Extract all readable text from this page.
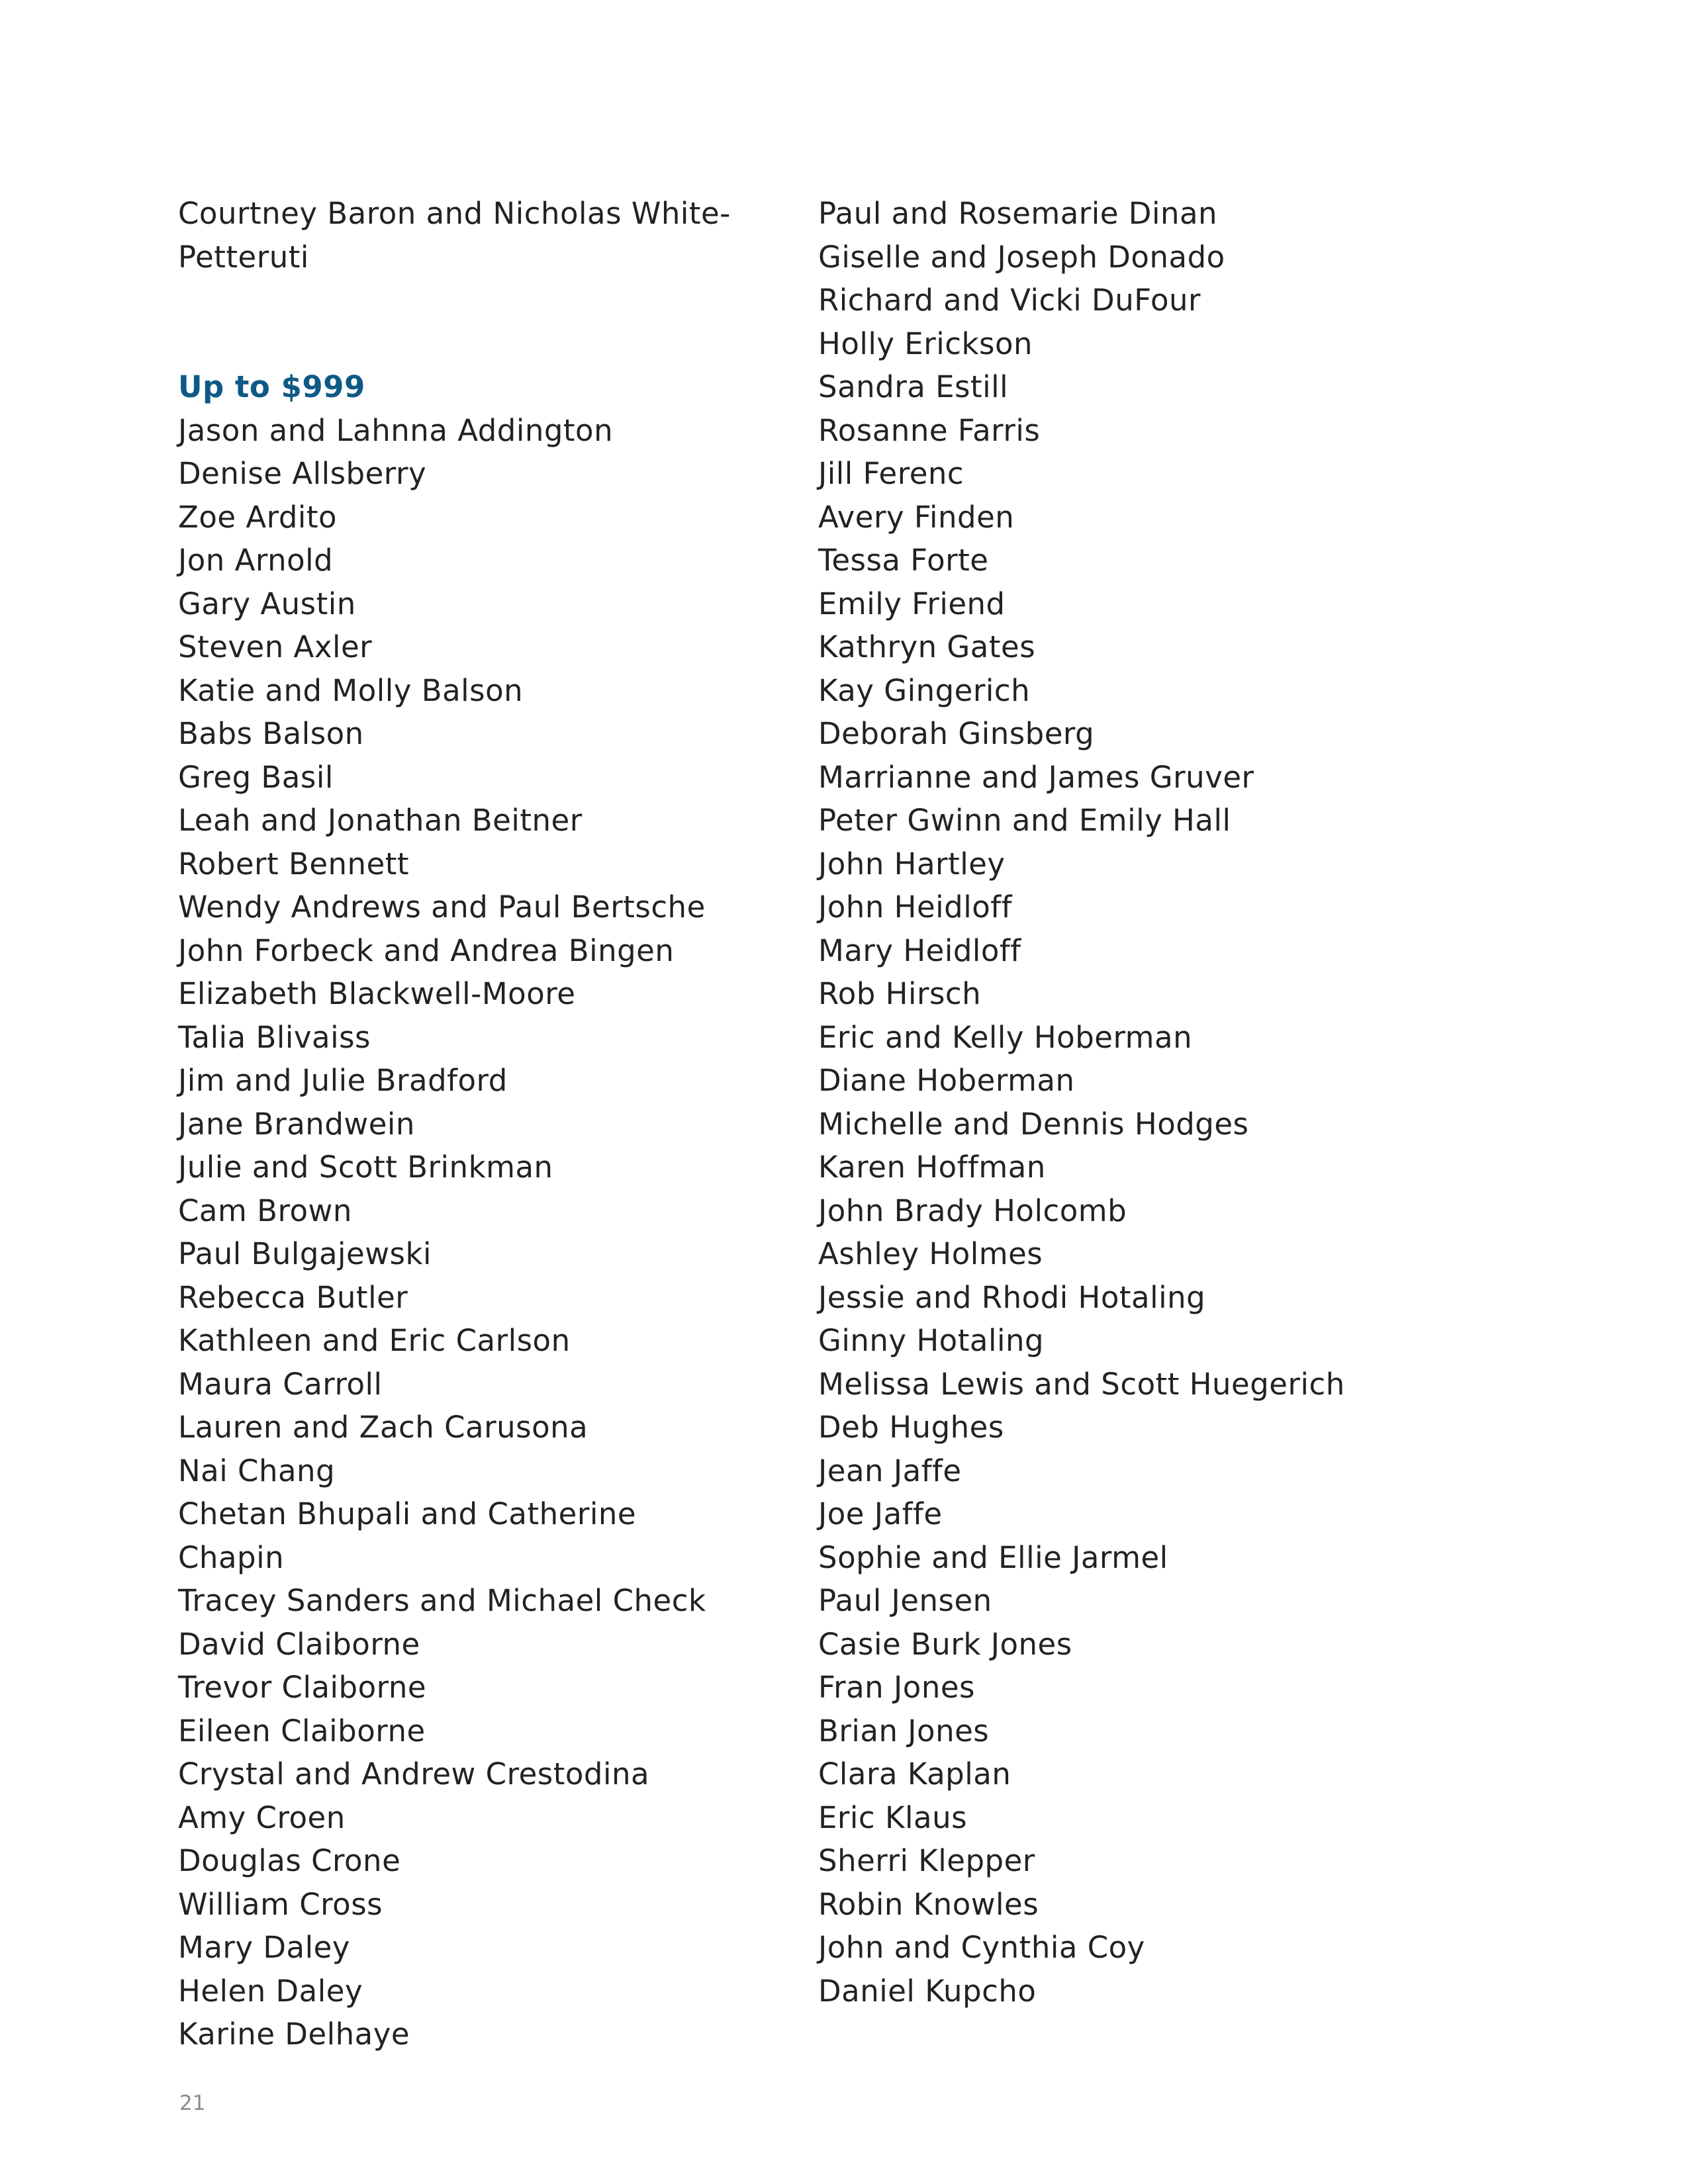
Courtney Baron and Nicholas White-
Petteruti
Up to $999
Jason and Lahnna Addington
Denise Allsberry
Zoe Ardito
Jon Arnold
Gary Austin
Steven Axler
Katie and Molly Balson
Babs Balson
Greg Basil
Leah and Jonathan Beitner
Robert Bennett
Wendy Andrews and Paul Bertsche
John Forbeck and Andrea Bingen
Elizabeth Blackwell-Moore
Talia Blivaiss
Jim and Julie Bradford
Jane Brandwein
Julie and Scott Brinkman
Cam Brown
Paul Bulgajewski
Rebecca Butler
Kathleen and Eric Carlson
Maura Carroll
Lauren and Zach Carusona
Nai Chang
Chetan Bhupali and Catherine
Chapin
Tracey Sanders and Michael Check
David Claiborne
Trevor Claiborne
Eileen Claiborne
Crystal and Andrew Crestodina
Amy Croen
Douglas Crone
William Cross
Mary Daley
Helen Daley
Karine Delhaye
Paul and Rosemarie Dinan
Giselle and Joseph Donado
Richard and Vicki DuFour
Holly Erickson
Sandra Estill
Rosanne Farris
Jill Ferenc
Avery Finden
Tessa Forte
Emily Friend
Kathryn Gates
Kay Gingerich
Deborah Ginsberg
Marrianne and James Gruver
Peter Gwinn and Emily Hall
John Hartley
John Heidloff
Mary Heidloff
Rob Hirsch
Eric and Kelly Hoberman
Diane Hoberman
Michelle and Dennis Hodges
Karen Hoffman
John Brady Holcomb
Ashley Holmes
Jessie and Rhodi Hotaling
Ginny Hotaling
Melissa Lewis and Scott Huegerich
Deb Hughes
Jean Jaffe
Joe Jaffe
Sophie and Ellie Jarmel
Paul Jensen
Casie Burk Jones
Fran Jones
Brian Jones
Clara Kaplan
Eric Klaus
Sherri Klepper
Robin Knowles
John and Cynthia Coy
Daniel Kupcho
21
